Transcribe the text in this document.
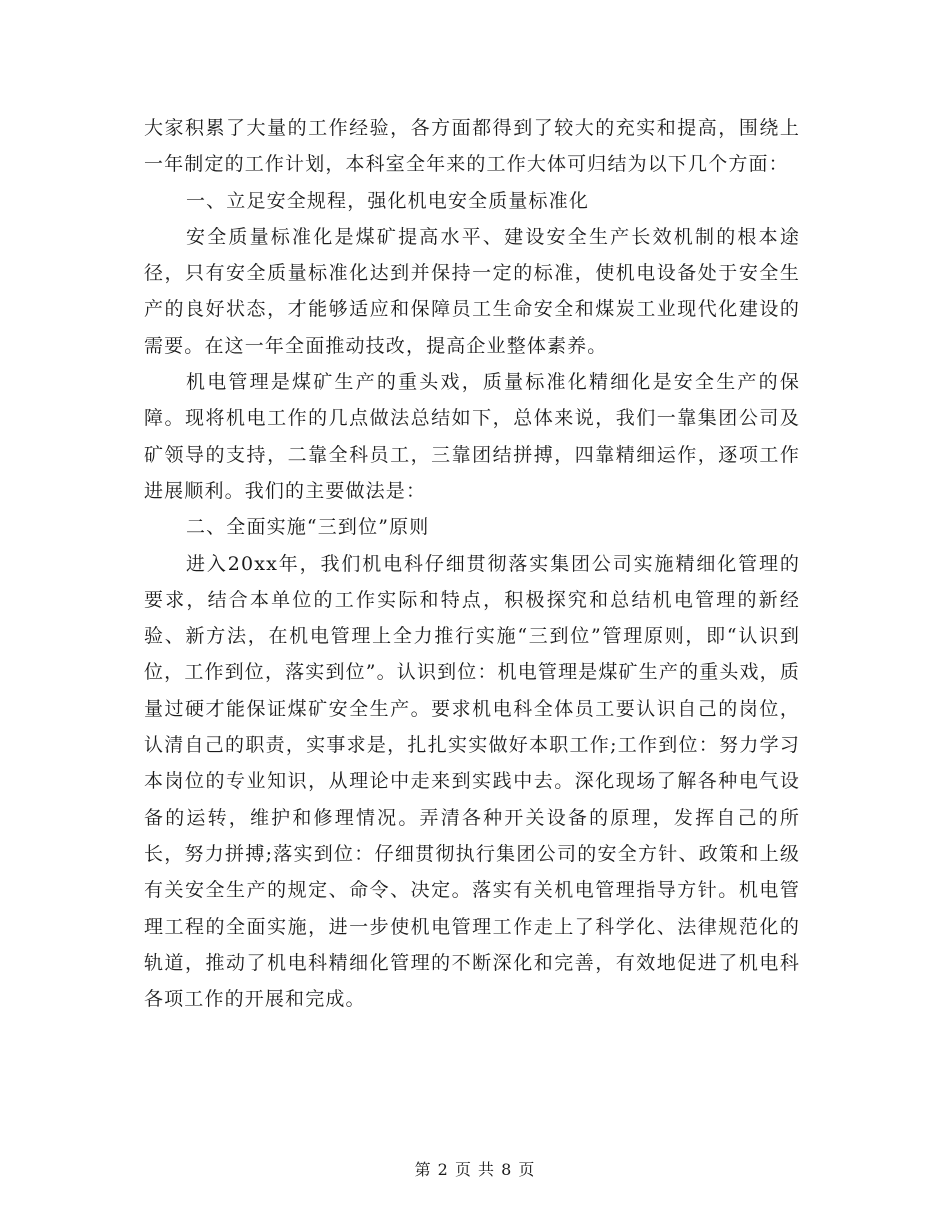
大家积累了大量的工作经验，各方面都得到了较大的充实和提高，围绕上一年制定的工作计划，本科室全年来的工作大体可归结为以下几个方面：

一、立足安全规程，强化机电安全质量标准化

安全质量标准化是煤矿提高水平、建设安全生产长效机制的根本途径，只有安全质量标准化达到并保持一定的标准，使机电设备处于安全生产的良好状态，才能够适应和保障员工生命安全和煤炭工业现代化建设的需要。在这一年全面推动技改，提高企业整体素养。

机电管理是煤矿生产的重头戏，质量标准化精细化是安全生产的保障。现将机电工作的几点做法总结如下，总体来说，我们一靠集团公司及矿领导的支持，二靠全科员工，三靠团结拼搏，四靠精细运作，逐项工作进展顺利。我们的主要做法是：

二、全面实施“三到位”原则

进入20xx年，我们机电科仔细贯彻落实集团公司实施精细化管理的要求，结合本单位的工作实际和特点，积极探究和总结机电管理的新经验、新方法，在机电管理上全力推行实施“三到位”管理原则，即“认识到位，工作到位，落实到位”。认识到位：机电管理是煤矿生产的重头戏，质量过硬才能保证煤矿安全生产。要求机电科全体员工要认识自己的岗位，认清自己的职责，实事求是，扎扎实实做好本职工作;工作到位：努力学习本岗位的专业知识，从理论中走来到实践中去。深化现场了解各种电气设备的运转，维护和修理情况。弄清各种开关设备的原理，发挥自己的所长，努力拼搏;落实到位：仔细贯彻执行集团公司的安全方针、政策和上级有关安全生产的规定、命令、决定。落实有关机电管理指导方针。机电管理工程的全面实施，进一步使机电管理工作走上了科学化、法律规范化的轨道，推动了机电科精细化管理的不断深化和完善，有效地促进了机电科各项工作的开展和完成。

第 2 页 共 8 页
